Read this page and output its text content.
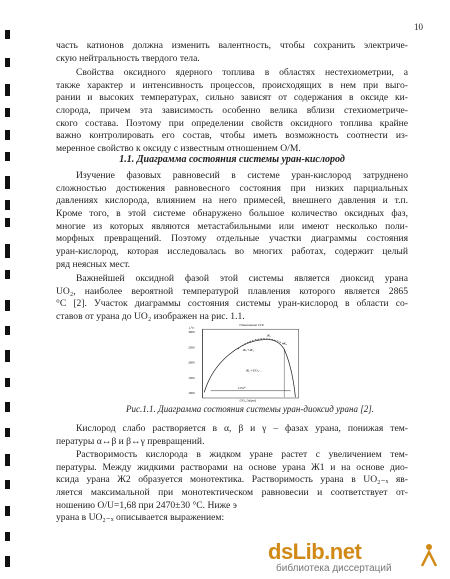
10
часть катионов должна изменить валентность, чтобы сохранить электриче-
скую нейтральность твердого тела.
Свойства оксидного ядерного топлива в областях нестехиометрии, а
также характер и интенсивность процессов, происходящих в нем при выго-
рании и высоких температурах, сильно зависят от содержания в оксиде ки-
слорода, причем эта зависимость особенно велика вблизи стехиометриче-
ского состава. Поэтому при определении свойств оксидного топлива крайне
важно контролировать его состав, чтобы иметь возможность соотнести из-
меренное свойство к оксиду с известным отношением O/M.
1.1. Диаграмма состояния системы уран-кислород
Изучение фазовых равновесий в системе уран-кислород затруднено
сложностью достижения равновесного состояния при низких парциальных
давлениях кислорода, влиянием на него примесей, внешнего давления и т.п.
Кроме того, в этой системе обнаружено большое количество оксидных фаз,
многие из которых являются метастабильными или имеют несколько поли-
морфных превращений. Поэтому отдельные участки диаграммы состояния
уран-кислород, которая исследовалась во многих работах, содержит целый
ряд неясных мест.
Важнейшей оксидной фазой этой системы является диоксид урана
UO₂, наиболее вероятной температурой плавления которого является 2865
°C [2]. Участок диаграммы состояния системы уран-кислород в области со-
ставов от урана до UO₂ изображен на рис. 1.1.
Отношение O/U
t,°C
3000
2500
2000
1500
1000
Ж₁
Ж₁+Ж₂
Ж₂
Ж₁+UO₂₋ₓ
1132°
UO₂,%(ат)
Рис.1.1. Диаграмма состояния системы уран-диоксид урана [2].
Кислород слабо растворяется в α, β и γ – фазах урана, понижая тем-
пературы α↔β и β↔γ превращений.
Растворимость кислорода в жидком уране растет с увеличением тем-
пературы. Между жидкими растворами на основе урана Ж1 и на основе дио-
ксида урана Ж2 образуется монотектика. Растворимость урана в UO₂₋ₓ яв-
ляется максимальной при монотектическом равновесии и соответствует от-
ношению O/U=1,68 при 2470±30 °C. Ниже э
урана в UO₂₋ₓ описывается выражением:
dsLib.net
библиотека диссертаций
